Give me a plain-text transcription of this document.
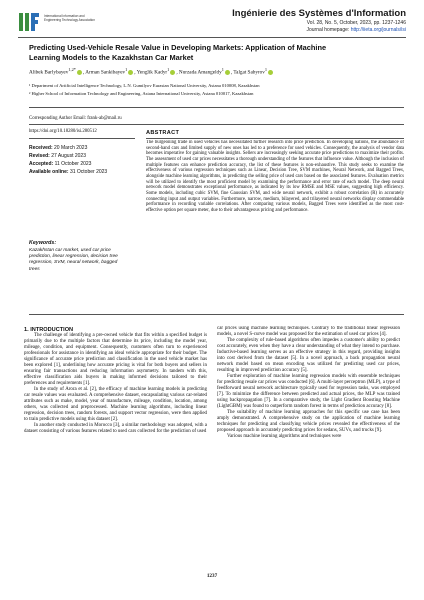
International Information and
Engineering Technology Association
Ingénierie des Systèmes d'Information
Vol. 28, No. 5, October, 2023, pp. 1237-1246
Journal homepage: http://iieta.org/journals/isi
Predicting Used-Vehicle Resale Value in Developing Markets: Application of Machine
Learning Models to the Kazakhstan Car Market
Alibek Barlybayev$^{1,2*}$, Arman Sankibayev$^1$, Yenglik Kadyr$^1$, Nurzada Amangeldy$^1$, Talgat Sabyrov$^1$
¹ Department of Artificial Intelligence Technology, L.N. Gumilyov Eurasian National University, Astana 010008, Kazakhstan
² Higher School of Information Technology and Engineering, Astana International University, Astana 010017, Kazakhstan
Corresponding Author Email: frank-ab@mail.ru
https://doi.org/10.18280/isi.280512
Received: 20 March 2023
Revised: 27 August 2023
Accepted: 11 October 2023
Available online: 31 October 2023
Keywords:
Kazakhstan car market, used car price prediction, linear regression, decision tree regression, SVM, neural network, bagged trees
ABSTRACT
The burgeoning trade in used vehicles has necessitated further research into price prediction. In developing nations, the abundance of second-hand cars and limited supply of new ones has led to a preference for used vehicles. Consequently, the analysis of vendor data becomes imperative for gaining valuable insights. Sellers are increasingly seeking accurate price predictions to maximize their profits. The assessment of used car prices necessitates a thorough understanding of the features that influence value. Although the inclusion of multiple features can enhance prediction accuracy, the list of these features is non-exhaustive. This study seeks to examine the effectiveness of various regression techniques such as Linear, Decision Tree, SVM machines, Neural Network, and Bagged Trees, alongside machine learning algorithms, in predicting the selling price of used cars based on the associated features. Evaluation metrics will be utilized to identify the most proficient model by examining the performance and error rate of each model. The deep neural network model demonstrates exceptional performance, as indicated by its low RMSE and MSE values, suggesting high efficiency. Some models, including cubic SVM, fine Gaussian SVM, and wide neural network, exhibit a robust correlation (R) in accurately connecting input and output variables. Furthermore, narrow, medium, bilayered, and trilayered neural networks display commendable performance in recording variable correlations. After comparing various models, Bagged Trees were identified as the most cost-effective option per square meter, due to their advantageous pricing and performance.

1. INTRODUCTION

The challenge of identifying a pre-owned vehicle that fits within a specified budget is primarily due to the multiple factors that determine its price, including the model year, mileage, condition, and equipment. Consequently, customers often turn to experienced professionals for assistance in identifying an ideal vehicle appropriate for their budget. The significance of accurate price prediction and classification in the used vehicle market has been explored [1], underlining how accurate pricing is vital for both buyers and sellers in ensuring fair transactions and reducing information asymmetry. In tandem with this, effective classification aids buyers in making informed decisions tailored to their preferences and requirements [1].

In the study of Arora et al. [2], the efficacy of machine learning models in predicting car resale values was evaluated. A comprehensive dataset, encapsulating various car-related attributes such as make, model, year of manufacture, mileage, condition, location, among others, was collected and preprocessed. Machine learning algorithms, including linear regression, decision trees, random forests, and support vector regression, were then applied to train predictive models using this dataset [2].

In another study conducted in Morocco [3], a similar methodology was adopted, with a dataset consisting of various features related to used cars collected for the prediction of used

car prices using machine learning techniques. Contrary to the traditional linear regression models, a novel S-curve model was proposed for the estimation of used car prices [4].

The complexity of rule-based algorithms often impedes a customer's ability to predict cost accurately, even when they have a clear understanding of what they intend to purchase. Inductive-based learning serves as an effective strategy in this regard, providing insights into cost derived from the dataset [5]. In a novel approach, a back propagation neural network model based on mean encoding was utilized for predicting used car prices, resulting in improved prediction accuracy [5].

Further exploration of machine learning regression models with ensemble techniques for predicting resale car prices was conducted [6]. A multi-layer perceptron (MLP), a type of feedforward neural network architecture typically used for regression tasks, was employed [7]. To minimize the difference between predicted and actual prices, the MLP was trained using backpropagation [7]. In a comparative study, the Light Gradient Boosting Machine (LightGBM) was found to outperform random forest in terms of prediction accuracy [8].

The suitability of machine learning approaches for this specific use case has been amply demonstrated. A comprehensive study on the application of machine learning techniques for predicting and classifying vehicle prices revealed the effectiveness of the proposed approach in accurately predicting prices for sedans, SUVs, and trucks [9].

Various machine learning algorithms and techniques were

1237
